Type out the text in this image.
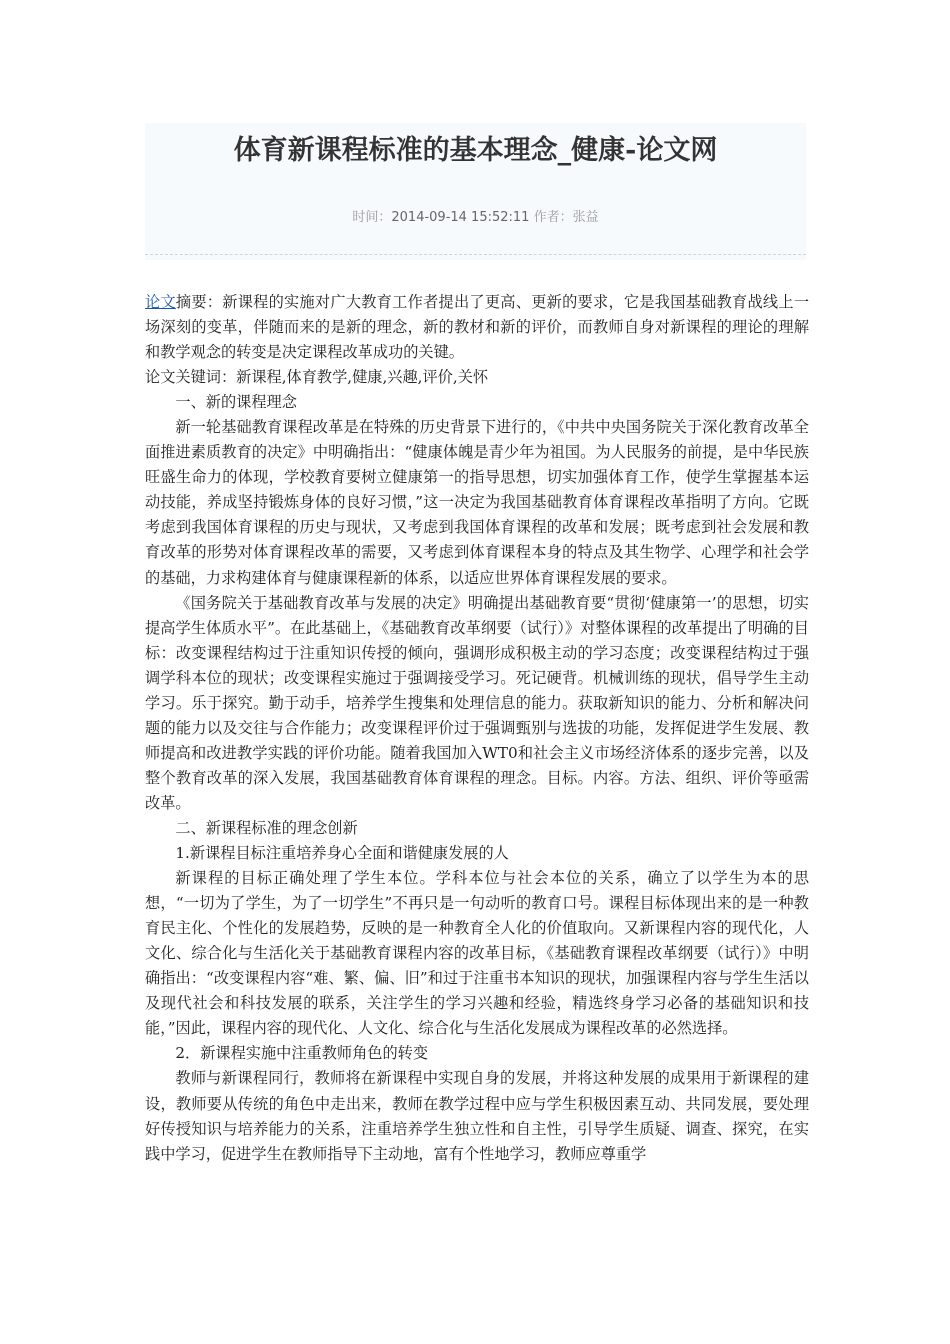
体育新课程标准的基本理念_健康-论文网
时间：2014-09-14 15:52:11 作者：张益

论文摘要：新课程的实施对广大教育工作者提出了更高、更新的要求，它是我国基础教育战线上一场深刻的变革，伴随而来的是新的理念，新的教材和新的评价，而教师自身对新课程的理论的理解和教学观念的转变是决定课程改革成功的关键。

论文关键词：新课程,体育教学,健康,兴趣,评价,关怀

一、新的课程理念

新一轮基础教育课程改革是在特殊的历史背景下进行的，《中共中央国务院关于深化教育改革全面推进素质教育的决定》中明确指出：“健康体魄是青少年为祖国。为人民服务的前提，是中华民族旺盛生命力的体现，学校教育要树立健康第一的指导思想，切实加强体育工作，使学生掌握基本运动技能，养成坚持锻炼身体的良好习惯，”这一决定为我国基础教育体育课程改革指明了方向。它既考虑到我国体育课程的历史与现状，又考虑到我国体育课程的改革和发展；既考虑到社会发展和教育改革的形势对体育课程改革的需要，又考虑到体育课程本身的特点及其生物学、心理学和社会学的基础，力求构建体育与健康课程新的体系，以适应世界体育课程发展的要求。

《国务院关于基础教育改革与发展的决定》明确提出基础教育要“贯彻‘健康第一’的思想，切实提高学生体质水平”。在此基础上，《基础教育改革纲要（试行）》对整体课程的改革提出了明确的目标：改变课程结构过于注重知识传授的倾向，强调形成积极主动的学习态度；改变课程结构过于强调学科本位的现状；改变课程实施过于强调接受学习。死记硬背。机械训练的现状，倡导学生主动学习。乐于探究。勤于动手，培养学生搜集和处理信息的能力。获取新知识的能力、分析和解决问题的能力以及交往与合作能力；改变课程评价过于强调甄别与选拔的功能，发挥促进学生发展、教师提高和改进教学实践的评价功能。随着我国加入WT0和社会主义市场经济体系的逐步完善，以及整个教育改革的深入发展，我国基础教育体育课程的理念。目标。内容。方法、组织、评价等亟需改革。

二、新课程标准的理念创新

1.新课程目标注重培养身心全面和谐健康发展的人

新课程的目标正确处理了学生本位。学科本位与社会本位的关系，确立了以学生为本的思想，“一切为了学生，为了一切学生”不再只是一句动听的教育口号。课程目标体现出来的是一种教育民主化、个性化的发展趋势，反映的是一种教育全人化的价值取向。又新课程内容的现代化，人文化、综合化与生活化关于基础教育课程内容的改革目标，《基础教育课程改革纲要（试行）》中明确指出：“改变课程内容“难、繁、偏、旧”和过于注重书本知识的现状，加强课程内容与学生生活以及现代社会和科技发展的联系，关注学生的学习兴趣和经验，精选终身学习必备的基础知识和技能，”因此，课程内容的现代化、人文化、综合化与生活化发展成为课程改革的必然选择。

2．新课程实施中注重教师角色的转变

教师与新课程同行，教师将在新课程中实现自身的发展，并将这种发展的成果用于新课程的建设，教师要从传统的角色中走出来，教师在教学过程中应与学生积极因素互动、共同发展，要处理好传授知识与培养能力的关系，注重培养学生独立性和自主性，引导学生质疑、调查、探究，在实践中学习，促进学生在教师指导下主动地，富有个性地学习，教师应尊重学
